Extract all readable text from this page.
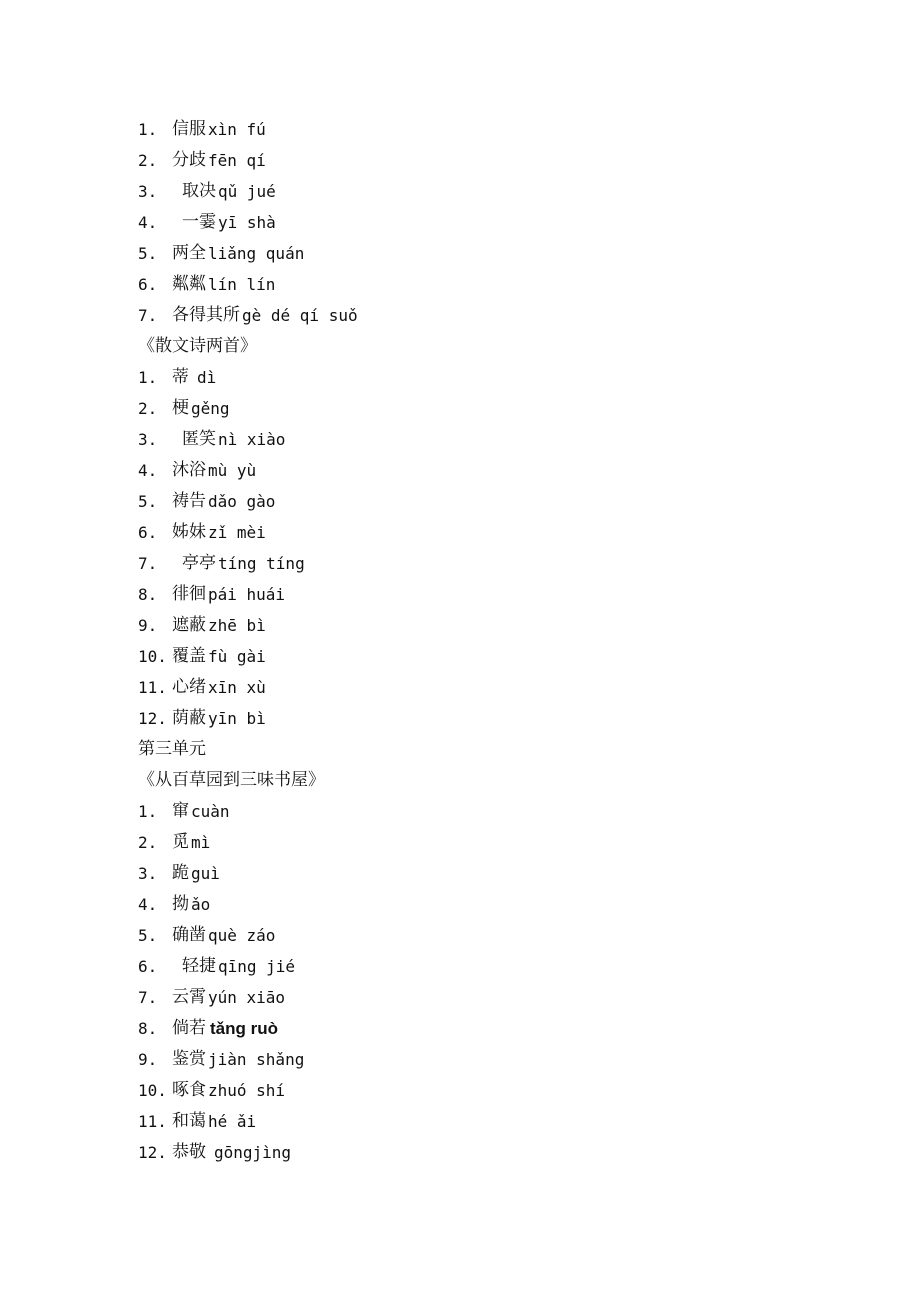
1. 信服 xìn fú
2. 分歧 fēn qí
3.	取决 qǔ jué
4.	一霎 yī shà
5. 两全 liǎng quán
6. 粼粼 lín lín
7. 各得其所 gè dé qí suǒ
《散文诗两首》
1. 蒂 dì
2. 梗 gěng
3.	匿笑 nì xiào
4. 沐浴 mù yù
5. 祷告 dǎo gào
6. 姊妹 zǐ mèi
7.	亭亭 tíng tíng
8. 徘徊 pái huái
9. 遮蔽 zhē bì
10. 覆盖 fù gài
11. 心绪 xīn xù
12. 荫蔽 yīn bì
第三单元
《从百草园到三味书屋》
1. 窜 cuàn
2. 觅 mì
3. 跪 guì
4. 拗 ǎo
5. 确凿 què záo
6.	轻捷 qīng jié
7. 云霄 yún xiāo
8. 倘若 tǎng ruò
9. 鉴赏 jiàn shǎng
10. 啄食 zhuó shí
11. 和蔼 hé ǎi
12. 恭敬 gōngjìng
